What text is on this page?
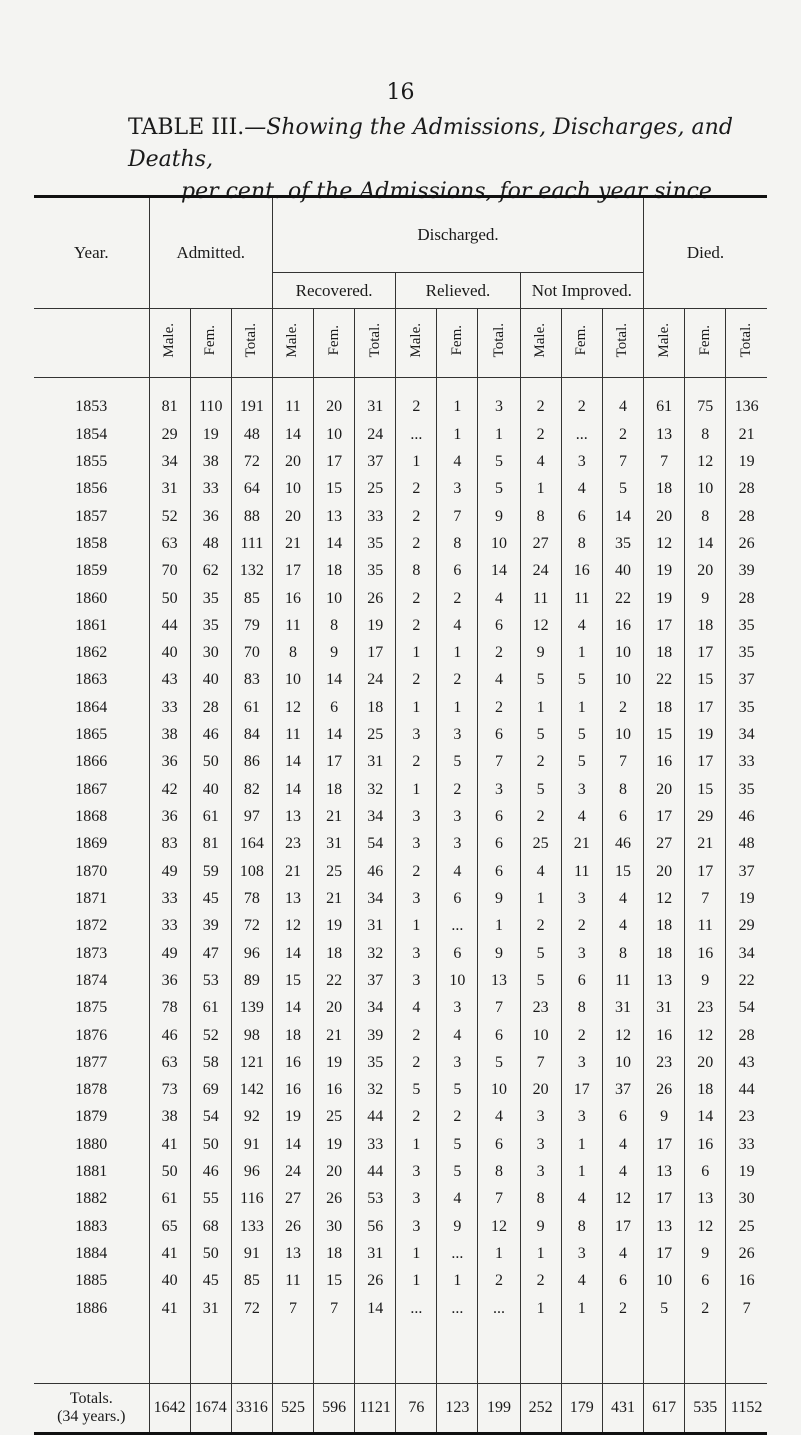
16
TABLE III.—Showing the Admissions, Discharges, and Deaths,
per cent. of the Admissions, for each year since
Year.	Admitted.			Discharged.									Died.		
				Recovered.			Relieved.			Not Improved.					
	Male.	Fem.	Total.	Male.	Fem.	Total.	Male.	Fem.	Total.	Male.	Fem.	Total.	Male.	Fem.	Total.

1853	81	110	191	11	20	31	2	1	3	2	2	4	61	75	136
1854	29	19	48	14	10	24	...	1	1	2	...	2	13	8	21
1855	34	38	72	20	17	37	1	4	5	4	3	7	7	12	19
1856	31	33	64	10	15	25	2	3	5	1	4	5	18	10	28
1857	52	36	88	20	13	33	2	7	9	8	6	14	20	8	28
1858	63	48	111	21	14	35	2	8	10	27	8	35	12	14	26
1859	70	62	132	17	18	35	8	6	14	24	16	40	19	20	39
1860	50	35	85	16	10	26	2	2	4	11	11	22	19	9	28
1861	44	35	79	11	8	19	2	4	6	12	4	16	17	18	35
1862	40	30	70	8	9	17	1	1	2	9	1	10	18	17	35
1863	43	40	83	10	14	24	2	2	4	5	5	10	22	15	37
1864	33	28	61	12	6	18	1	1	2	1	1	2	18	17	35
1865	38	46	84	11	14	25	3	3	6	5	5	10	15	19	34
1866	36	50	86	14	17	31	2	5	7	2	5	7	16	17	33
1867	42	40	82	14	18	32	1	2	3	5	3	8	20	15	35
1868	36	61	97	13	21	34	3	3	6	2	4	6	17	29	46
1869	83	81	164	23	31	54	3	3	6	25	21	46	27	21	48
1870	49	59	108	21	25	46	2	4	6	4	11	15	20	17	37
1871	33	45	78	13	21	34	3	6	9	1	3	4	12	7	19
1872	33	39	72	12	19	31	1	...	1	2	2	4	18	11	29
1873	49	47	96	14	18	32	3	6	9	5	3	8	18	16	34
1874	36	53	89	15	22	37	3	10	13	5	6	11	13	9	22
1875	78	61	139	14	20	34	4	3	7	23	8	31	31	23	54
1876	46	52	98	18	21	39	2	4	6	10	2	12	16	12	28
1877	63	58	121	16	19	35	2	3	5	7	3	10	23	20	43
1878	73	69	142	16	16	32	5	5	10	20	17	37	26	18	44
1879	38	54	92	19	25	44	2	2	4	3	3	6	9	14	23
1880	41	50	91	14	19	33	1	5	6	3	1	4	17	16	33
1881	50	46	96	24	20	44	3	5	8	3	1	4	13	6	19
1882	61	55	116	27	26	53	3	4	7	8	4	12	17	13	30
1883	65	68	133	26	30	56	3	9	12	9	8	17	13	12	25
1884	41	50	91	13	18	31	1	...	1	1	3	4	17	9	26
1885	40	45	85	11	15	26	1	1	2	2	4	6	10	6	16
1886	41	31	72	7	7	14	...	...	...	1	1	2	5	2	7

Totals.
(34 years.)	1642	1674	3316	525	596	1121	76	123	199	252	179	431	617	535	1152
